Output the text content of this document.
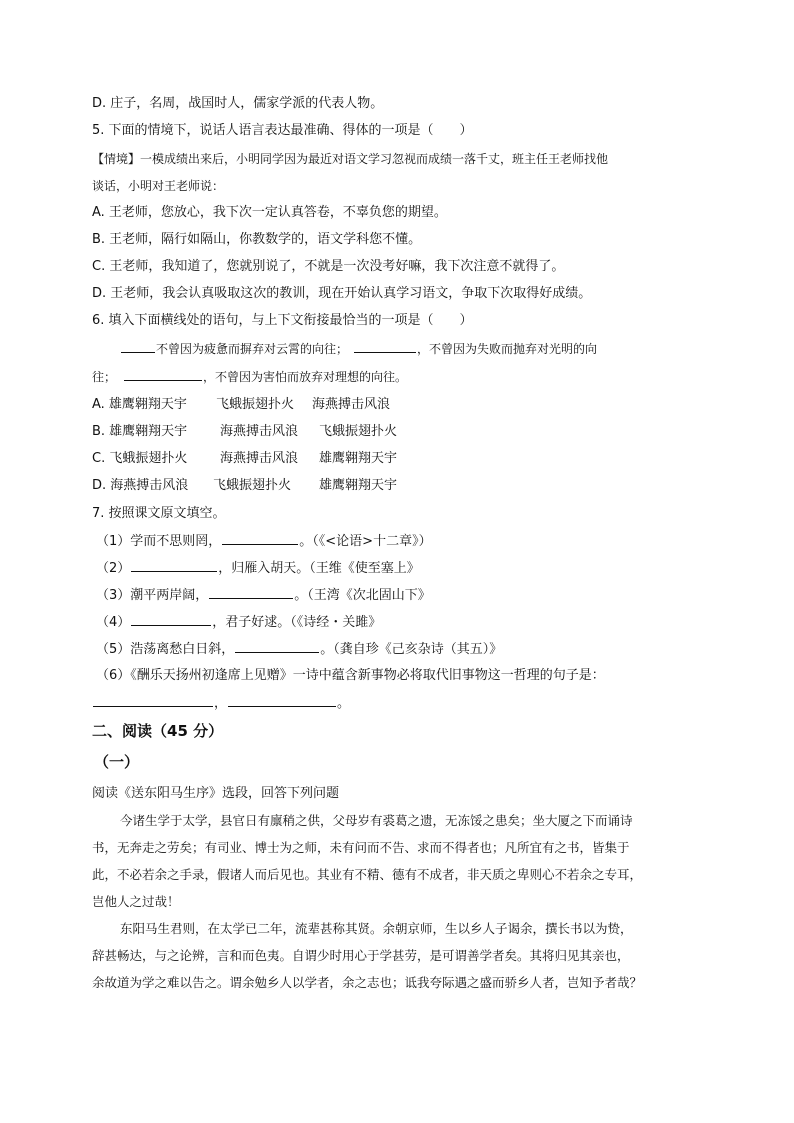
D. 庄子，名周，战国时人，儒家学派的代表人物。

5. 下面的情境下，说话人语言表达最准确、得体的一项是（　　）

【情境】一模成绩出来后，小明同学因为最近对语文学习忽视而成绩一落千丈，班主任王老师找他

谈话，小明对王老师说：

A. 王老师，您放心，我下次一定认真答卷，不辜负您的期望。

B. 王老师，隔行如隔山，你教数学的，语文学科您不懂。

C. 王老师，我知道了，您就别说了，不就是一次没考好嘛，我下次注意不就得了。

D. 王老师，我会认真吸取这次的教训，现在开始认真学习语文，争取下次取得好成绩。

6. 填入下面横线处的语句，与上下文衔接最恰当的一项是（　　）

不曾因为疲惫而摒弃对云霄的向往；	，不曾因为失败而抛弃对光明的向

往；	，不曾因为害怕而放弃对理想的向往。

A. 雄鹰翱翔天宇 飞蛾振翅扑火 海燕搏击风浪

B. 雄鹰翱翔天宇	海燕搏击风浪 飞蛾振翅扑火

C. 飞蛾振翅扑火	海燕搏击风浪 雄鹰翱翔天宇

D. 海燕搏击风浪 飞蛾振翅扑火 雄鹰翱翔天宇

7. 按照课文原文填空。

（1）学而不思则罔，	。（《<论语>十二章》）

（2）	，归雁入胡天。（王维《使至塞上》

（3）潮平两岸阔，	。（王湾《次北固山下》

（4）	，君子好逑。（《诗经・关雎》

（5）浩荡离愁白日斜，	。（龚自珍《己亥杂诗（其五）》

（6）《酬乐天扬州初逢席上见赠》一诗中蕴含新事物必将取代旧事物这一哲理的句子是：

，	。

二、阅读（45 分）

（一）

阅读《送东阳马生序》选段，回答下列问题

今诸生学于太学，县官日有廪稍之供，父母岁有裘葛之遗，无冻馁之患矣；坐大厦之下而诵诗

书，无奔走之劳矣；有司业、博士为之师，未有问而不告、求而不得者也；凡所宜有之书，皆集于

此，不必若余之手录，假诸人而后见也。其业有不精、德有不成者，非天质之卑则心不若余之专耳，

岂他人之过哉！

东阳马生君则，在太学已二年，流辈甚称其贤。余朝京师，生以乡人子谒余，撰长书以为贽，

辞甚畅达，与之论辨，言和而色夷。自谓少时用心于学甚劳，是可谓善学者矣。其将归见其亲也，

余故道为学之难以告之。谓余勉乡人以学者，余之志也；诋我夸际遇之盛而骄乡人者，岂知予者哉？
